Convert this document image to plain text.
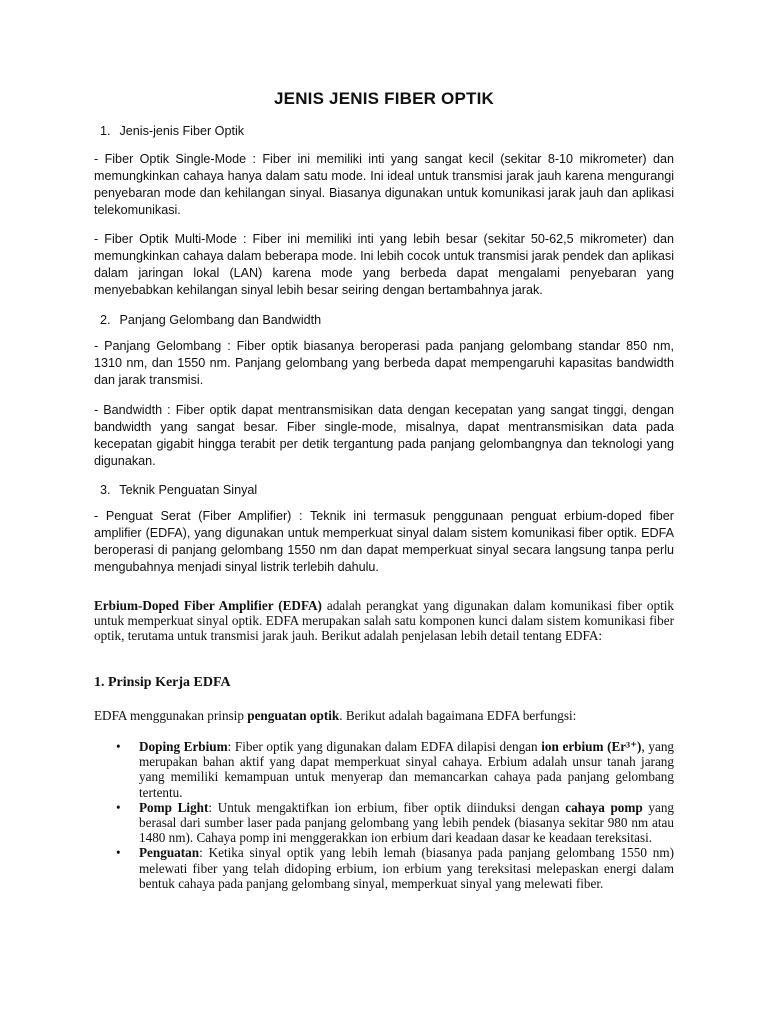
JENIS JENIS FIBER OPTIK

1. Jenis-jenis Fiber Optik

- Fiber Optik Single-Mode : Fiber ini memiliki inti yang sangat kecil (sekitar 8-10 mikrometer) dan memungkinkan cahaya hanya dalam satu mode. Ini ideal untuk transmisi jarak jauh karena mengurangi penyebaran mode dan kehilangan sinyal. Biasanya digunakan untuk komunikasi jarak jauh dan aplikasi telekomunikasi.

- Fiber Optik Multi-Mode : Fiber ini memiliki inti yang lebih besar (sekitar 50-62,5 mikrometer) dan memungkinkan cahaya dalam beberapa mode. Ini lebih cocok untuk transmisi jarak pendek dan aplikasi dalam jaringan lokal (LAN) karena mode yang berbeda dapat mengalami penyebaran yang menyebabkan kehilangan sinyal lebih besar seiring dengan bertambahnya jarak.

2. Panjang Gelombang dan Bandwidth

- Panjang Gelombang : Fiber optik biasanya beroperasi pada panjang gelombang standar 850 nm, 1310 nm, dan 1550 nm. Panjang gelombang yang berbeda dapat mempengaruhi kapasitas bandwidth dan jarak transmisi.

- Bandwidth : Fiber optik dapat mentransmisikan data dengan kecepatan yang sangat tinggi, dengan bandwidth yang sangat besar. Fiber single-mode, misalnya, dapat mentransmisikan data pada kecepatan gigabit hingga terabit per detik tergantung pada panjang gelombangnya dan teknologi yang digunakan.

3. Teknik Penguatan Sinyal

- Penguat Serat (Fiber Amplifier) : Teknik ini termasuk penggunaan penguat erbium-doped fiber amplifier (EDFA), yang digunakan untuk memperkuat sinyal dalam sistem komunikasi fiber optik. EDFA beroperasi di panjang gelombang 1550 nm dan dapat memperkuat sinyal secara langsung tanpa perlu mengubahnya menjadi sinyal listrik terlebih dahulu.

Erbium-Doped Fiber Amplifier (EDFA) adalah perangkat yang digunakan dalam komunikasi fiber optik untuk memperkuat sinyal optik. EDFA merupakan salah satu komponen kunci dalam sistem komunikasi fiber optik, terutama untuk transmisi jarak jauh. Berikut adalah penjelasan lebih detail tentang EDFA:

1. Prinsip Kerja EDFA

EDFA menggunakan prinsip penguatan optik. Berikut adalah bagaimana EDFA berfungsi:

• Doping Erbium: Fiber optik yang digunakan dalam EDFA dilapisi dengan ion erbium (Er³⁺), yang merupakan bahan aktif yang dapat memperkuat sinyal cahaya. Erbium adalah unsur tanah jarang yang memiliki kemampuan untuk menyerap dan memancarkan cahaya pada panjang gelombang tertentu.
• Pomp Light: Untuk mengaktifkan ion erbium, fiber optik diinduksi dengan cahaya pomp yang berasal dari sumber laser pada panjang gelombang yang lebih pendek (biasanya sekitar 980 nm atau 1480 nm). Cahaya pomp ini menggerakkan ion erbium dari keadaan dasar ke keadaan tereksitasi.
• Penguatan: Ketika sinyal optik yang lebih lemah (biasanya pada panjang gelombang 1550 nm) melewati fiber yang telah didoping erbium, ion erbium yang tereksitasi melepaskan energi dalam bentuk cahaya pada panjang gelombang sinyal, memperkuat sinyal yang melewati fiber.
